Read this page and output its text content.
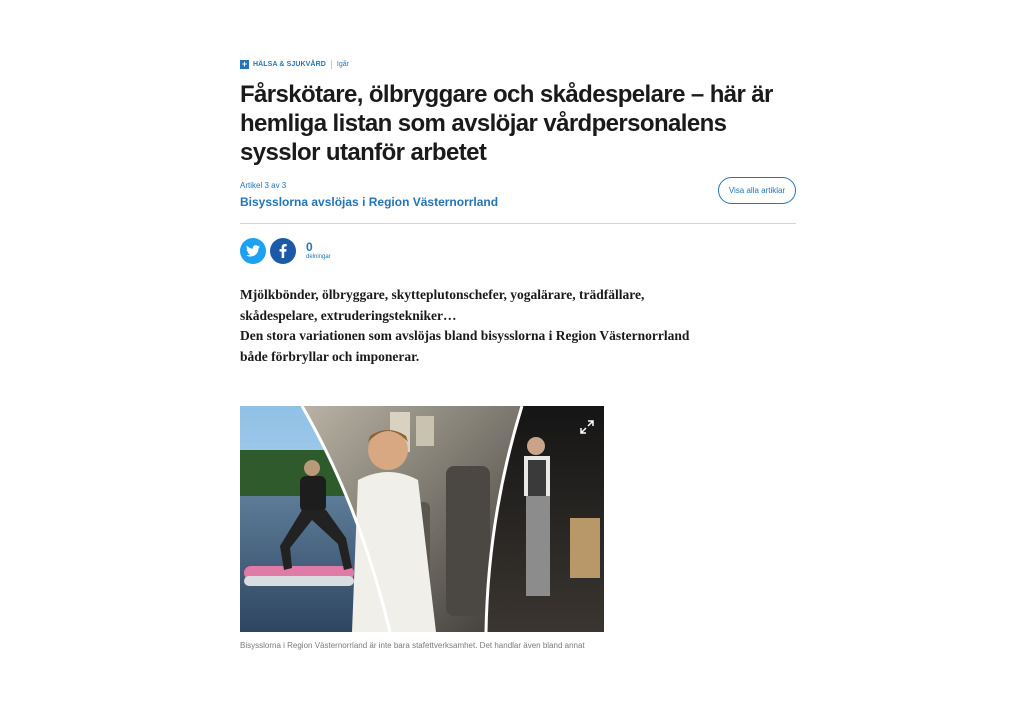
+ HÄLSA & SJUKVÅRD Igår
Fårskötare, ölbryggare och skådespelare – här är hemliga listan som avslöjar vårdpersonalens sysslor utanför arbetet
Artikel 3 av 3
Bisysslorna avslöjas i Region Västernorrland
Visa alla artiklar
0
delningar

Mjölkbönder, ölbryggare, skytteplutonschefer, yogalärare, trädfällare, skådespelare, extruderingstekniker…

Den stora variationen som avslöjas bland bisysslorna i Region Västernorrland både förbryllar och imponerar.

Bisysslorna i Region Västernorrland är inte bara stafettverksamhet. Det handlar även bland annat
